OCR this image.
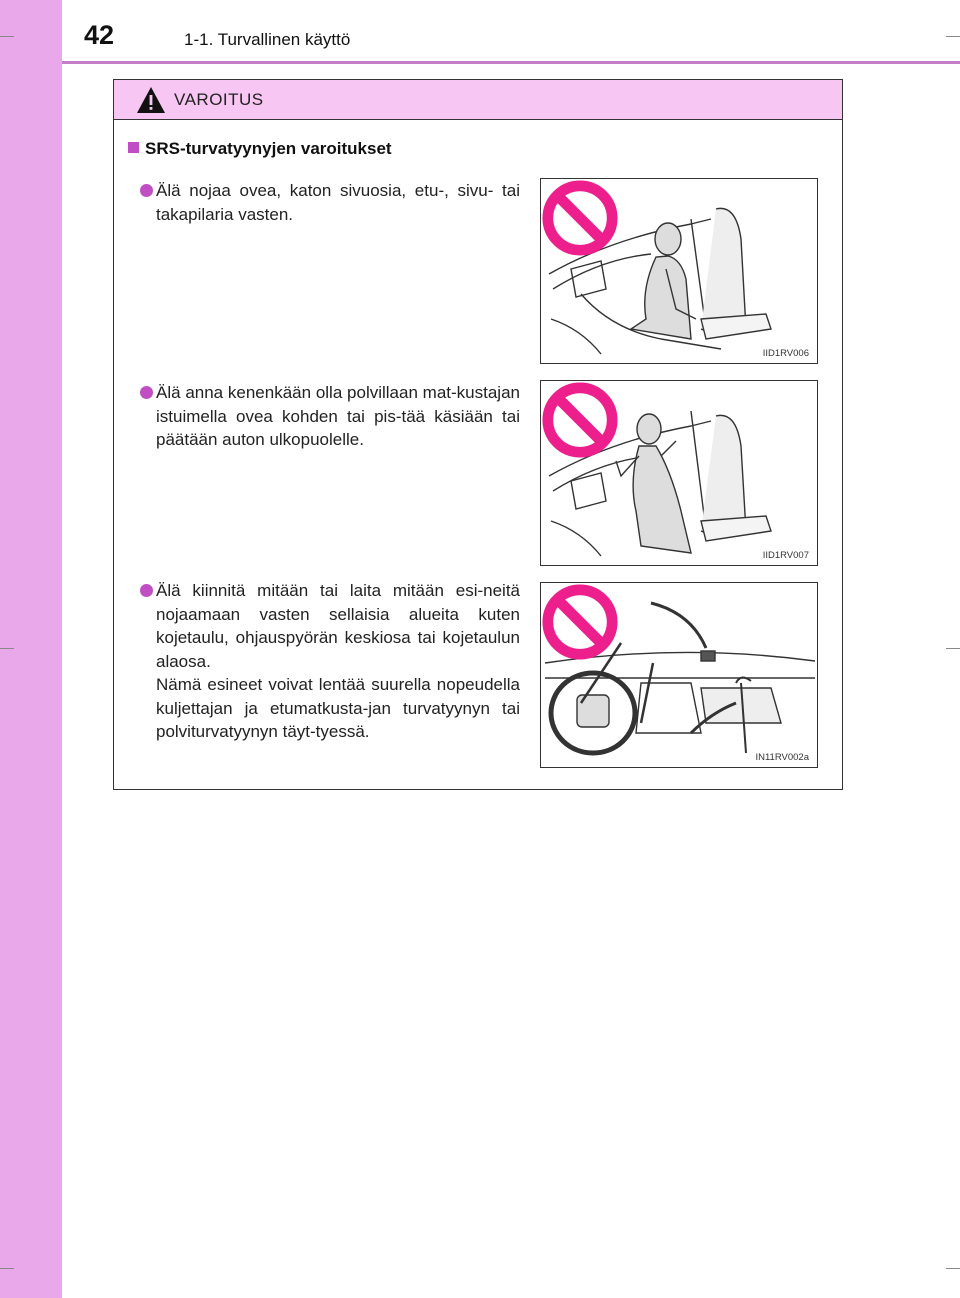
42	1-1. Turvallinen käyttö
VAROITUS
SRS-turvatyynyjen varoitukset
Älä nojaa ovea, katon sivuosia, etu-, sivu- tai takapilaria vasten.
IID1RV006
Älä anna kenenkään olla polvillaan mat-kustajan istuimella ovea kohden tai pis-tää käsiään tai päätään auton ulkopuolelle.
IID1RV007
Älä kiinnitä mitään tai laita mitään esi-neitä nojaamaan vasten sellaisia alueita kuten kojetaulu, ohjauspyörän keskiosa tai kojetaulun alaosa.
Nämä esineet voivat lentää suurella nopeudella kuljettajan ja etumatkusta-jan turvatyynyn tai polviturvatyynyn täyt-tyessä.
IN11RV002a
